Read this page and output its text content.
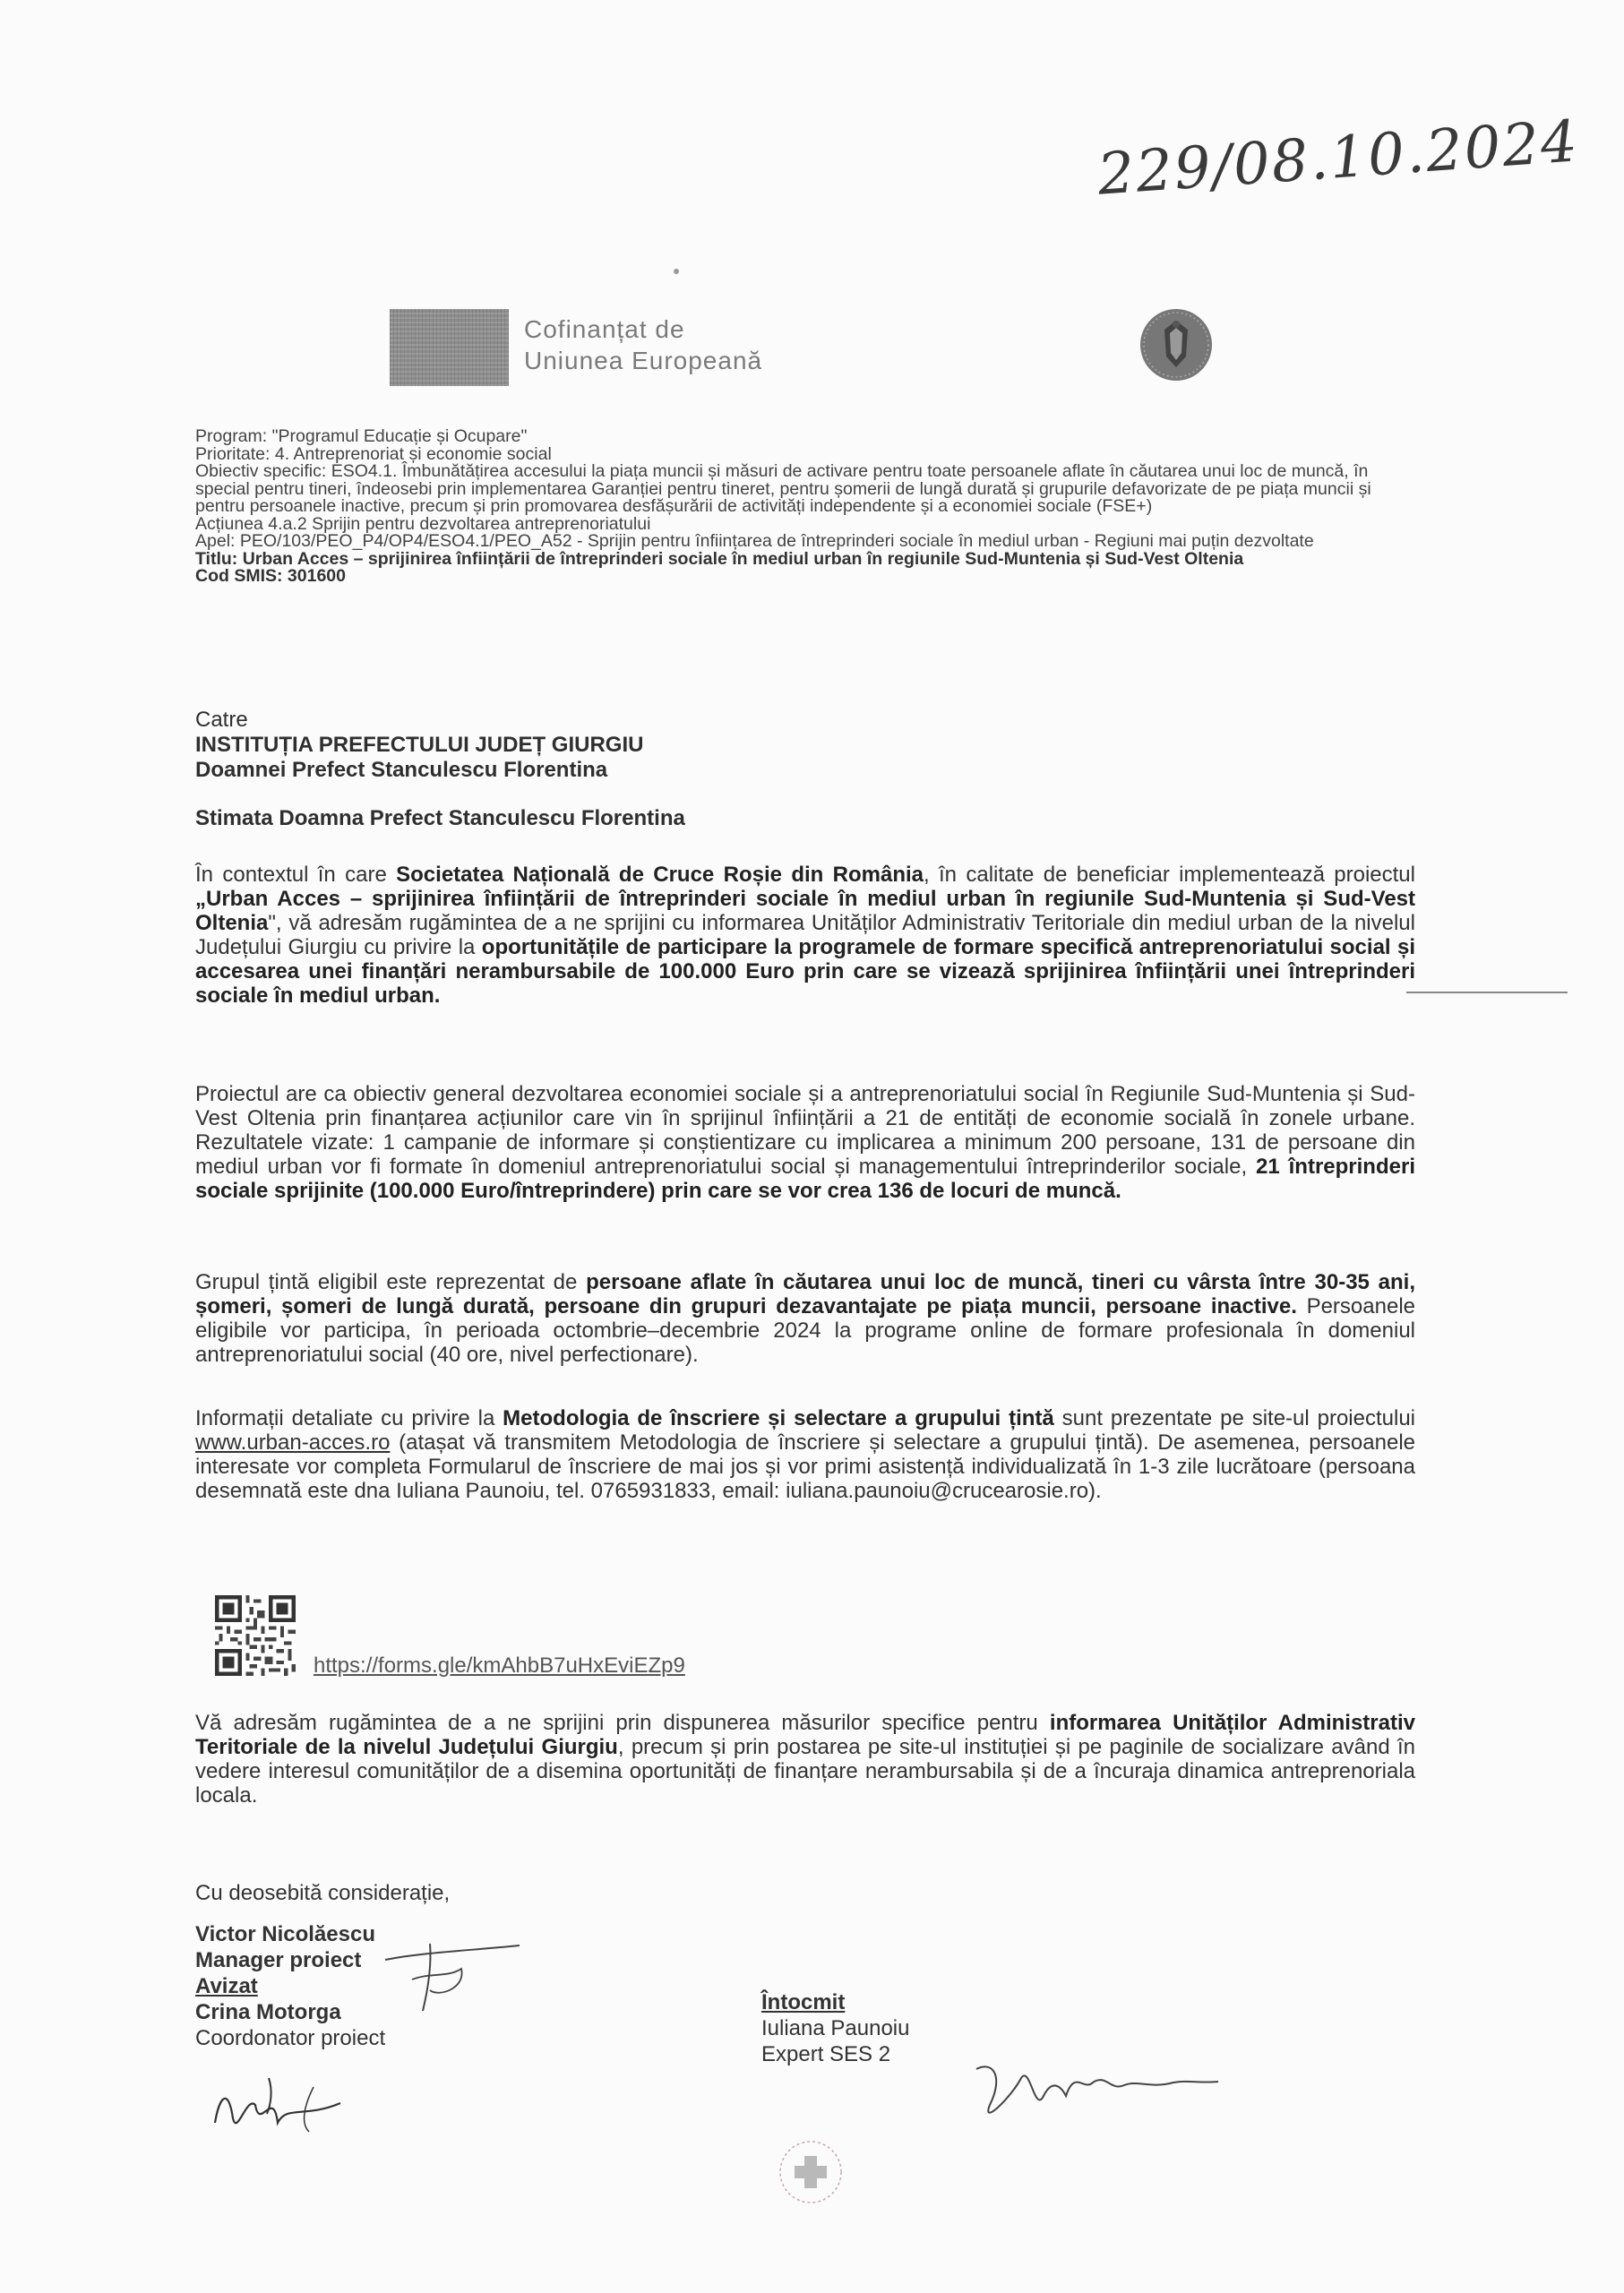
229/08.10.2024
Cofinanțat de
Uniunea Europeană
Program: "Programul Educație și Ocupare"
Prioritate: 4. Antreprenoriat și economie social
Obiectiv specific: ESO4.1. Îmbunătățirea accesului la piața muncii și măsuri de activare pentru toate persoanele aflate în căutarea unui loc de muncă, în special pentru tineri, îndeosebi prin implementarea Garanției pentru tineret, pentru șomerii de lungă durată și grupurile defavorizate de pe piața muncii și pentru persoanele inactive, precum și prin promovarea desfășurării de activități independente și a economiei sociale (FSE+)
Acțiunea 4.a.2 Sprijin pentru dezvoltarea antreprenoriatului
Apel: PEO/103/PEO_P4/OP4/ESO4.1/PEO_A52 - Sprijin pentru înființarea de întreprinderi sociale în mediul urban - Regiuni mai puțin dezvoltate
Titlu: Urban Acces – sprijinirea înființării de întreprinderi sociale în mediul urban în regiunile Sud-Muntenia și Sud-Vest Oltenia
Cod SMIS: 301600
Catre
INSTITUȚIA PREFECTULUI JUDEȚ GIURGIU
Doamnei Prefect Stanculescu Florentina
Stimata Doamna Prefect Stanculescu Florentina
În contextul în care Societatea Națională de Cruce Roșie din România, în calitate de beneficiar implementează proiectul „Urban Acces – sprijinirea înființării de întreprinderi sociale în mediul urban în regiunile Sud-Muntenia și Sud-Vest Oltenia", vă adresăm rugămintea de a ne sprijini cu informarea Unităților Administrativ Teritoriale din mediul urban de la nivelul Județului Giurgiu cu privire la oportunitățile de participare la programele de formare specifică antreprenoriatului social și accesarea unei finanțări nerambursabile de 100.000 Euro prin care se vizează sprijinirea înființării unei întreprinderi sociale în mediul urban.
Proiectul are ca obiectiv general dezvoltarea economiei sociale și a antreprenoriatului social în Regiunile Sud-Muntenia și Sud-Vest Oltenia prin finanțarea acțiunilor care vin în sprijinul înființării a 21 de entități de economie socială în zonele urbane. Rezultatele vizate: 1 campanie de informare și conștientizare cu implicarea a minimum 200 persoane, 131 de persoane din mediul urban vor fi formate în domeniul antreprenoriatului social și managementului întreprinderilor sociale, 21 întreprinderi sociale sprijinite (100.000 Euro/întreprindere) prin care se vor crea 136 de locuri de muncă.
Grupul țintă eligibil este reprezentat de persoane aflate în căutarea unui loc de muncă, tineri cu vârsta între 30-35 ani, șomeri, șomeri de lungă durată, persoane din grupuri dezavantajate pe piața muncii, persoane inactive. Persoanele eligibile vor participa, în perioada octombrie–decembrie 2024 la programe online de formare profesionala în domeniul antreprenoriatului social (40 ore, nivel perfectionare).
Informații detaliate cu privire la Metodologia de înscriere și selectare a grupului țintă sunt prezentate pe site-ul proiectului www.urban-acces.ro (atașat vă transmitem Metodologia de înscriere și selectare a grupului țintă). De asemenea, persoanele interesate vor completa Formularul de înscriere de mai jos și vor primi asistență individualizată în 1-3 zile lucrătoare (persoana desemnată este dna Iuliana Paunoiu, tel. 0765931833, email: iuliana.paunoiu@crucearosie.ro).
https://forms.gle/kmAhbB7uHxEviEZp9
Vă adresăm rugămintea de a ne sprijini prin dispunerea măsurilor specifice pentru informarea Unităților Administrativ Teritoriale de la nivelul Județului Giurgiu, precum și prin postarea pe site-ul instituției și pe paginile de socializare având în vedere interesul comunităților de a disemina oportunități de finanțare nerambursabila și de a încuraja dinamica antreprenoriala locala.
Cu deosebită considerație,
Victor Nicolăescu
Manager proiect
Avizat
Crina Motorga
Coordonator proiect
Întocmit
Iuliana Paunoiu
Expert SES 2
